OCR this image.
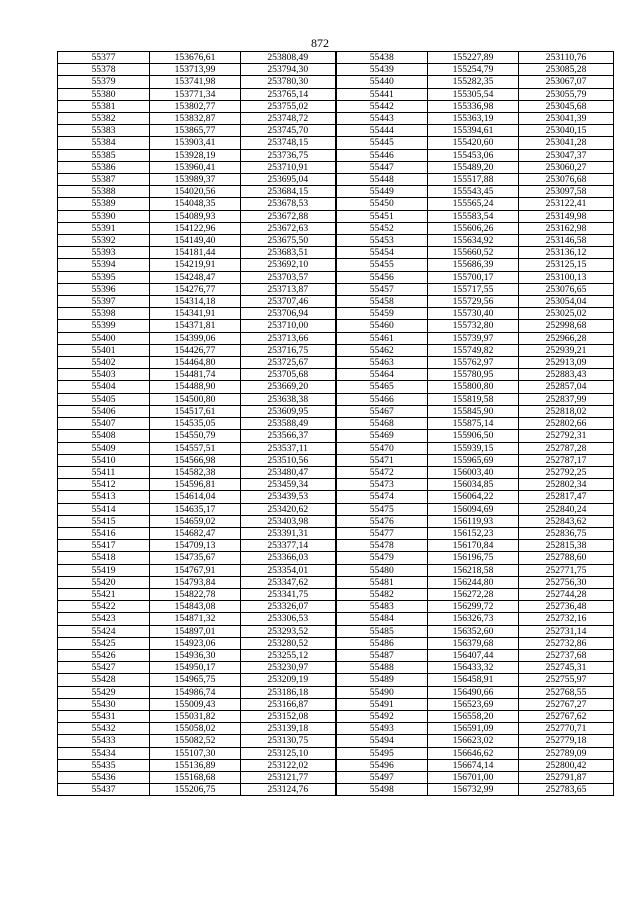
872
55377	153676,61	253808,49	55438	155227,89	253110,76
55378	153713,99	253794,30	55439	155254,79	253085,28
55379	153741,98	253780,30	55440	155282,35	253067,07
55380	153771,34	253765,14	55441	155305,54	253055,79
55381	153802,77	253755,02	55442	155336,98	253045,68
55382	153832,87	253748,72	55443	155363,19	253041,39
55383	153865,77	253745,70	55444	155394,61	253040,15
55384	153903,41	253748,15	55445	155420,60	253041,28
55385	153928,19	253736,75	55446	155453,06	253047,37
55386	153960,41	253710,91	55447	155489,20	253060,27
55387	153989,37	253695,04	55448	155517,88	253076,68
55388	154020,56	253684,15	55449	155543,45	253097,58
55389	154048,35	253678,53	55450	155565,24	253122,41
55390	154089,93	253672,88	55451	155583,54	253149,98
55391	154122,96	253672,63	55452	155606,26	253162,98
55392	154149,40	253675,50	55453	155634,92	253146,58
55393	154181,44	253683,51	55454	155660,52	253136,12
55394	154219,91	253692,10	55455	155686,39	253125,15
55395	154248,47	253703,57	55456	155700,17	253100,13
55396	154276,77	253713,87	55457	155717,55	253076,65
55397	154314,18	253707,46	55458	155729,56	253054,04
55398	154341,91	253706,94	55459	155730,40	253025,02
55399	154371,81	253710,00	55460	155732,80	252998,68
55400	154399,06	253713,66	55461	155739,97	252966,28
55401	154426,77	253716,75	55462	155749,82	252939,21
55402	154464,80	253725,67	55463	155762,97	252913,09
55403	154481,74	253705,68	55464	155780,95	252883,43
55404	154488,90	253669,20	55465	155800,80	252857,04
55405	154500,80	253638,38	55466	155819,58	252837,99
55406	154517,61	253609,95	55467	155845,90	252818,02
55407	154535,05	253588,49	55468	155875,14	252802,66
55408	154550,79	253566,37	55469	155906,50	252792,31
55409	154557,51	253537,11	55470	155939,15	252787,28
55410	154566,98	253510,56	55471	155965,69	252787,17
55411	154582,38	253480,47	55472	156003,40	252792,25
55412	154596,81	253459,34	55473	156034,85	252802,34
55413	154614,04	253439,53	55474	156064,22	252817,47
55414	154635,17	253420,62	55475	156094,69	252840,24
55415	154659,02	253403,98	55476	156119,93	252843,62
55416	154682,47	253391,31	55477	156152,23	252836,75
55417	154709,13	253377,14	55478	156170,84	252815,38
55418	154735,67	253366,03	55479	156196,75	252788,60
55419	154767,91	253354,01	55480	156218,58	252771,75
55420	154793,84	253347,62	55481	156244,80	252756,30
55421	154822,78	253341,75	55482	156272,28	252744,28
55422	154843,08	253326,07	55483	156299,72	252736,48
55423	154871,32	253306,53	55484	156326,73	252732,16
55424	154897,01	253293,52	55485	156352,60	252731,14
55425	154923,06	253280,52	55486	156379,68	252732,86
55426	154936,30	253255,12	55487	156407,44	252737,68
55427	154950,17	253230,97	55488	156433,32	252745,31
55428	154965,75	253209,19	55489	156458,91	252755,97
55429	154986,74	253186,18	55490	156490,66	252768,55
55430	155009,43	253166,87	55491	156523,69	252767,27
55431	155031,82	253152,08	55492	156558,20	252767,62
55432	155058,02	253139,18	55493	156591,09	252770,71
55433	155082,52	253130,75	55494	156623,02	252779,18
55434	155107,30	253125,10	55495	156646,62	252789,09
55435	155136,89	253122,02	55496	156674,14	252800,42
55436	155168,68	253121,77	55497	156701,00	252791,87
55437	155206,75	253124,76	55498	156732,99	252783,65
